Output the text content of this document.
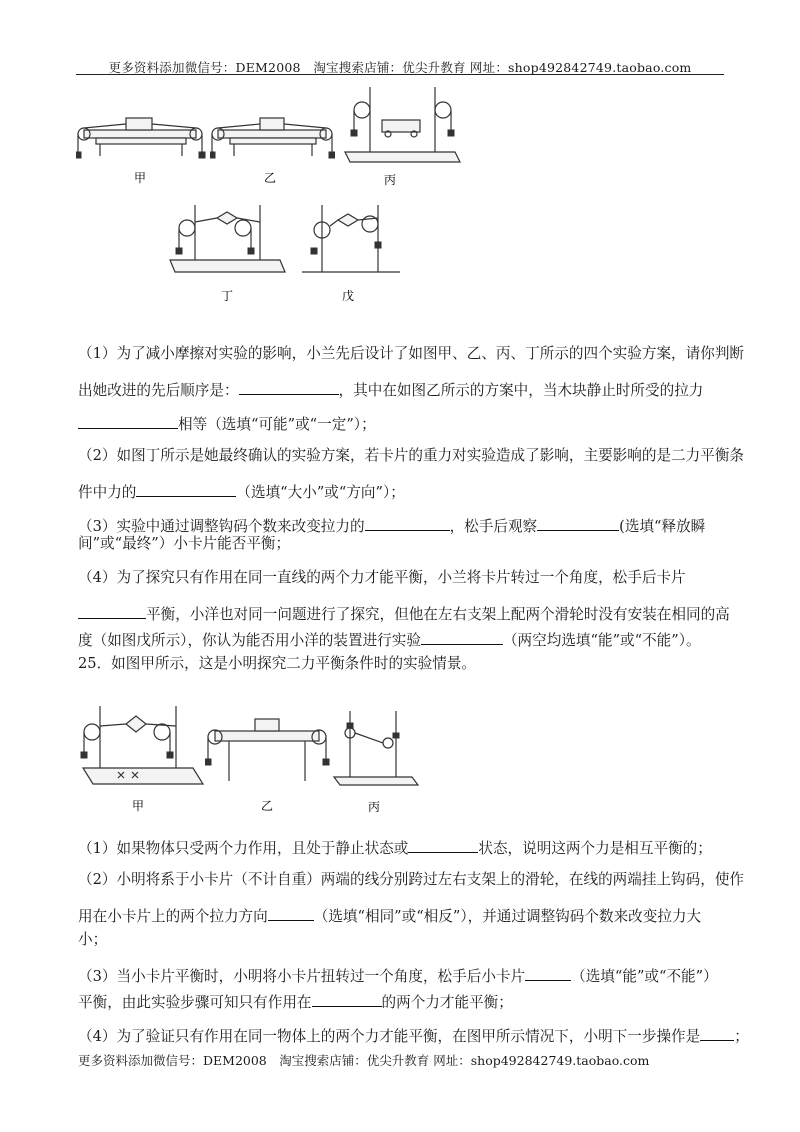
更多资料添加微信号：DEM2008　淘宝搜索店铺：优尖升教育 网址：shop492842749.taobao.com
甲	乙	丙
丁	戊
（1）为了减小摩擦对实验的影响，小兰先后设计了如图甲、乙、丙、丁所示的四个实验方案，请你判断
出她改进的先后顺序是：	，其中在如图乙所示的方案中，当木块静止时所受的拉力
相等（选填“可能”或“一定”）；
（2）如图丁所示是她最终确认的实验方案，若卡片的重力对实验造成了影响，主要影响的是二力平衡条
件中力的	（选填“大小”或“方向”）；
（3）实验中通过调整钩码个数来改变拉力的	，松手后观察	(选填“释放瞬
间”或“最终”）小卡片能否平衡；
（4）为了探究只有作用在同一直线的两个力才能平衡，小兰将卡片转过一个角度，松手后卡片
平衡，小洋也对同一问题进行了探究，但他在左右支架上配两个滑轮时没有安装在相同的高
度（如图戊所示），你认为能否用小洋的装置进行实验	（两空均选填“能”或“不能”）。
25．如图甲所示，这是小明探究二力平衡条件时的实验情景。
甲	乙	丙
（1）如果物体只受两个力作用，且处于静止状态或	状态，说明这两个力是相互平衡的；
（2）小明将系于小卡片（不计自重）两端的线分别跨过左右支架上的滑轮，在线的两端挂上钩码，使作
用在小卡片上的两个拉力方向	（选填“相同”或“相反”），并通过调整钩码个数来改变拉力大
小；
（3）当小卡片平衡时，小明将小卡片扭转过一个角度，松手后小卡片	（选填“能”或“不能”）
平衡，由此实验步骤可知只有作用在	的两个力才能平衡；
（4）为了验证只有作用在同一物体上的两个力才能平衡，在图甲所示情况下，小明下一步操作是 ；
更多资料添加微信号：DEM2008　淘宝搜索店铺：优尖升教育 网址：shop492842749.taobao.com
